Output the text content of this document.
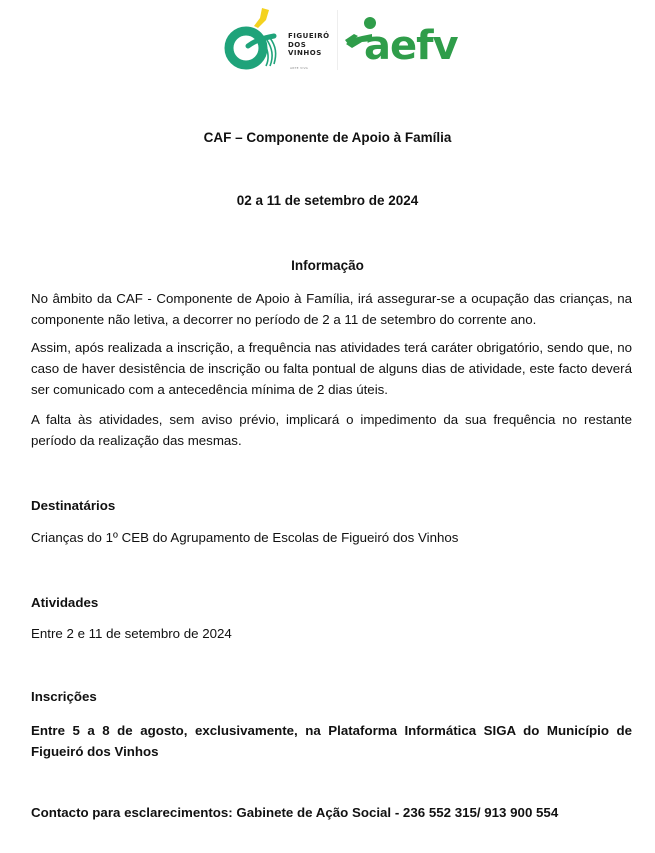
FIGUEIRÓ
DOS
VINHOS
ARTE VIVA aefv
CAF – Componente de Apoio à Família
02 a 11 de setembro de 2024
Informação

No âmbito da CAF - Componente de Apoio à Família, irá assegurar-se a ocupação das crianças, na componente não letiva, a decorrer no período de 2 a 11 de setembro do corrente ano.

Assim, após realizada a inscrição, a frequência nas atividades terá caráter obrigatório, sendo que, no caso de haver desistência de inscrição ou falta pontual de alguns dias de atividade, este facto deverá ser comunicado com a antecedência mínima de 2 dias úteis.

A falta às atividades, sem aviso prévio, implicará o impedimento da sua frequência no restante período da realização das mesmas.

Destinatários
Crianças do 1º CEB do Agrupamento de Escolas de Figueiró dos Vinhos
Atividades
Entre 2 e 11 de setembro de 2024
Inscrições
Entre 5 a 8 de agosto, exclusivamente, na Plataforma Informática SIGA do Município de Figueiró dos Vinhos
Contacto para esclarecimentos: Gabinete de Ação Social - 236 552 315/ 913 900 554
